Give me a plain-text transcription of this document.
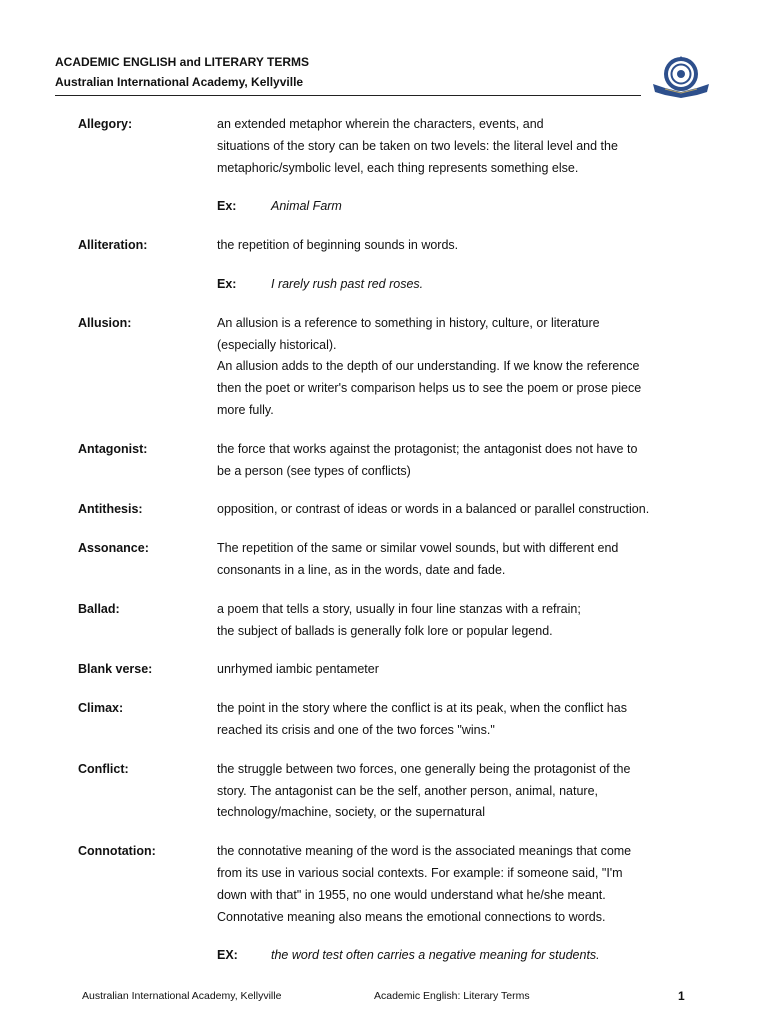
ACADEMIC ENGLISH and LITERARY TERMS
Australian International Academy, Kellyville
Allegory:	an extended metaphor wherein the characters, events, and

situations of the story can be taken on two levels: the literal level and the

metaphoric/symbolic level, each thing represents something else.

Ex:	Animal Farm
Alliteration:	the repetition of beginning sounds in words.

Ex:	I rarely rush past red roses.
Allusion:	An allusion is a reference to something in history, culture, or literature

(especially historical).

An allusion adds to the depth of our understanding. If we know the reference

then the poet or writer's comparison helps us to see the poem or prose piece

more fully.

Antagonist:	the force that works against the protagonist; the antagonist does not have to

be a person (see types of conflicts)

Antithesis:	opposition, or contrast of ideas or words in a balanced or parallel construction.

Assonance:	The repetition of the same or similar vowel sounds, but with different end

consonants in a line, as in the words, date and fade.

Ballad:	a poem that tells a story, usually in four line stanzas with a refrain;

the subject of ballads is generally folk lore or popular legend.

Blank verse:	unrhymed iambic pentameter

Climax:	the point in the story where the conflict is at its peak, when the conflict has

reached its crisis and one of the two forces "wins."

Conflict:	the struggle between two forces, one generally being the protagonist of the

story. The antagonist can be the self, another person, animal, nature,

technology/machine, society, or the supernatural

Connotation:	the connotative meaning of the word is the associated meanings that come

from its use in various social contexts. For example: if someone said, "I'm

down with that" in 1955, no one would understand what he/she meant.

Connotative meaning also means the emotional connections to words.

EX:	the word test often carries a negative meaning for students.
Australian International Academy, Kellyville	Academic English: Literary Terms	1
